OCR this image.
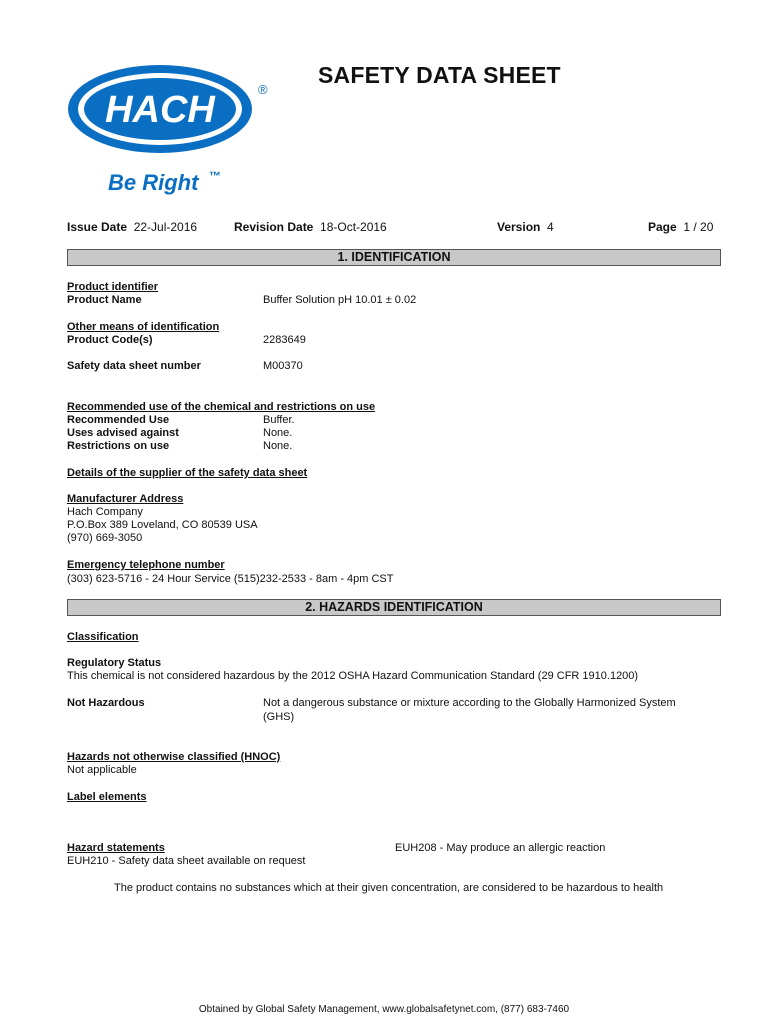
HACH	®
Be Right ™
SAFETY DATA SHEET
Issue Date 22-Jul-2016	Revision Date 18-Oct-2016	Version 4	Page 1 / 20
1. IDENTIFICATION
Product identifier
Product Name	Buffer Solution pH 10.01 ± 0.02
Other means of identification
Product Code(s)	2283649
Safety data sheet number	M00370
Recommended use of the chemical and restrictions on use
Recommended Use	Buffer.
Uses advised against	None.
Restrictions on use	None.
Details of the supplier of the safety data sheet
Manufacturer Address
Hach Company
P.O.Box 389 Loveland, CO 80539 USA
(970) 669-3050
Emergency telephone number
(303) 623-5716 - 24 Hour Service (515)232-2533 - 8am - 4pm CST
2. HAZARDS IDENTIFICATION
Classification
Regulatory Status
This chemical is not considered hazardous by the 2012 OSHA Hazard Communication Standard (29 CFR 1910.1200)
Not Hazardous	Not a dangerous substance or mixture according to the Globally Harmonized System
(GHS)
Hazards not otherwise classified (HNOC)
Not applicable
Label elements
Hazard statements	EUH208 - May produce an allergic reaction
EUH210 - Safety data sheet available on request
The product contains no substances which at their given concentration, are considered to be hazardous to health
Obtained by Global Safety Management, www.globalsafetynet.com, (877) 683-7460
